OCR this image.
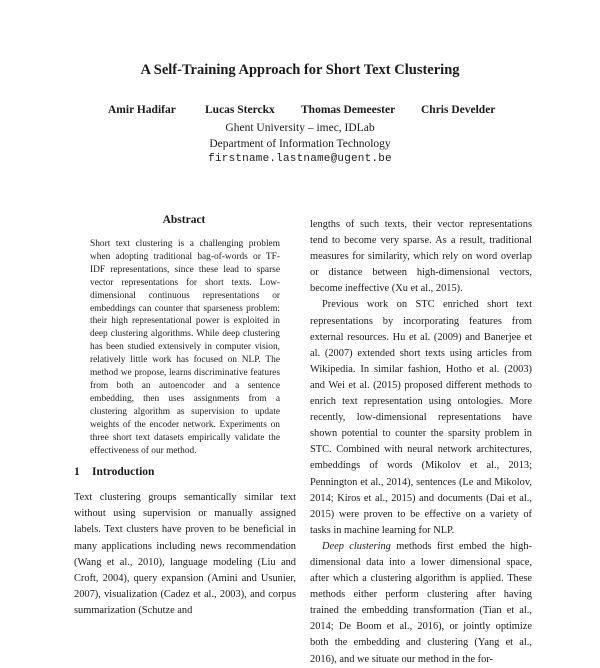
A Self-Training Approach for Short Text Clustering
Amir Hadifar	Lucas Sterckx Thomas Demeester Chris Develder
Ghent University – imec, IDLab
Department of Information Technology
firstname.lastname@ugent.be
Abstract
Short text clustering is a challenging problem when adopting traditional bag-of-words or TF-IDF representations, since these lead to sparse vector representations for short texts. Low-dimensional continuous representations or embeddings can counter that sparseness problem: their high representational power is exploited in deep clustering algorithms. While deep clustering has been studied extensively in computer vision, relatively little work has focused on NLP. The method we propose, learns discriminative features from both an autoencoder and a sentence embedding, then uses assignments from a clustering algorithm as supervision to update weights of the encoder network. Experiments on three short text datasets empirically validate the effectiveness of our method.
1 Introduction
Text clustering groups semantically similar text without using supervision or manually assigned labels. Text clusters have proven to be beneficial in many applications including news recommendation (Wang et al., 2010), language modeling (Liu and Croft, 2004), query expansion (Amini and Usunier, 2007), visualization (Cadez et al., 2003), and corpus summarization (Schutze and

lengths of such texts, their vector representations tend to become very sparse. As a result, traditional measures for similarity, which rely on word overlap or distance between high-dimensional vectors, become ineffective (Xu et al., 2015).

Previous work on STC enriched short text representations by incorporating features from external resources. Hu et al. (2009) and Banerjee et al. (2007) extended short texts using articles from Wikipedia. In similar fashion, Hotho et al. (2003) and Wei et al. (2015) proposed different methods to enrich text representation using ontologies. More recently, low-dimensional representations have shown potential to counter the sparsity problem in STC. Combined with neural network architectures, embeddings of words (Mikolov et al., 2013; Pennington et al., 2014), sentences (Le and Mikolov, 2014; Kiros et al., 2015) and documents (Dai et al., 2015) were proven to be effective on a variety of tasks in machine learning for NLP.

Deep clustering methods first embed the high-dimensional data into a lower dimensional space, after which a clustering algorithm is applied. These methods either perform clustering after having trained the embedding transformation (Tian et al., 2014; De Boom et al., 2016), or jointly optimize both the embedding and clustering (Yang et al., 2016), and we situate our method in the for-
